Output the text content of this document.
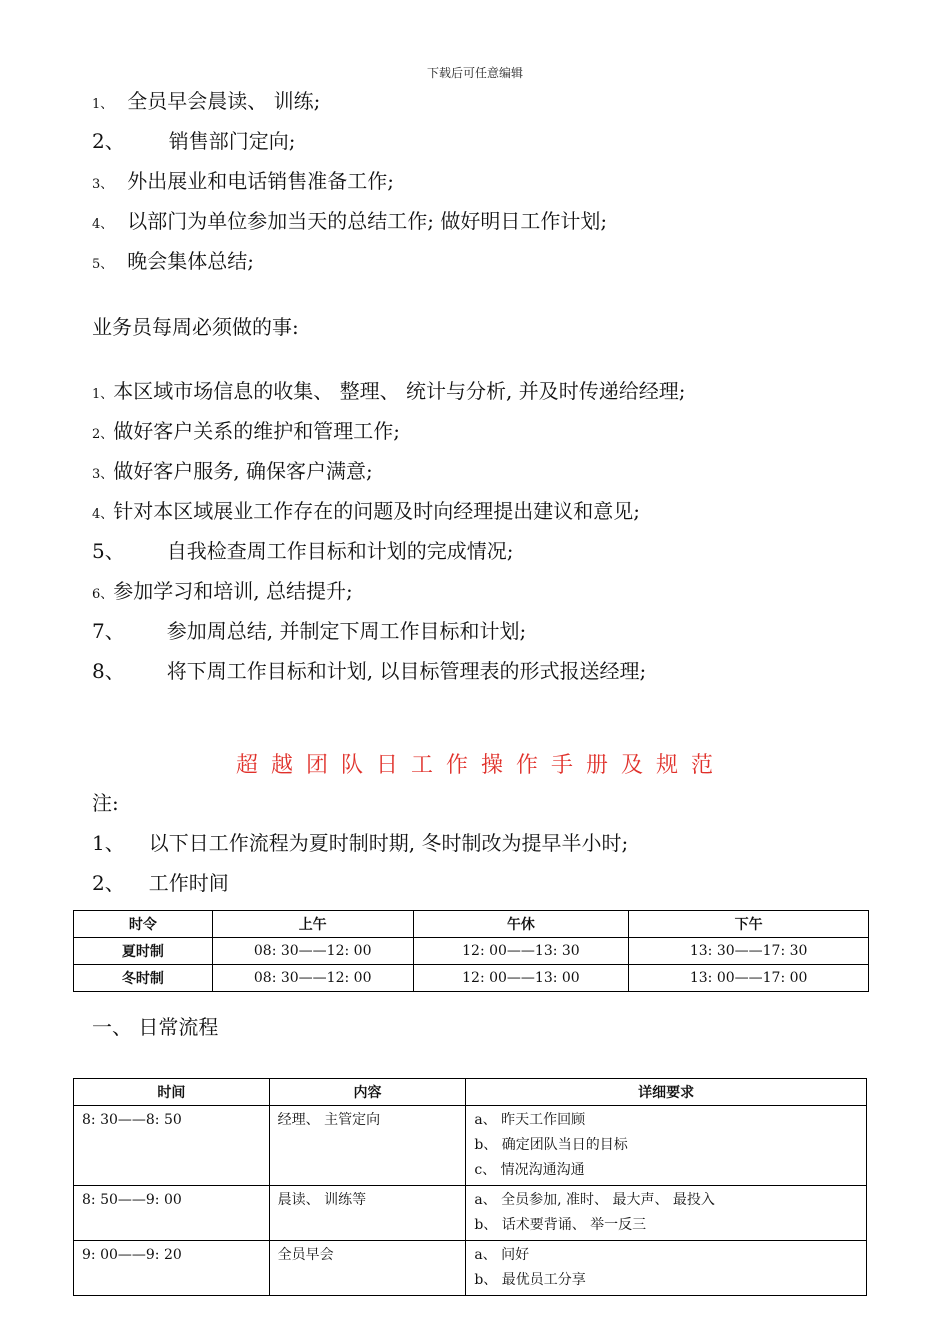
下载后可任意编辑
1、 全员早会晨读、 训练;
2、 销售部门定向;
3、 外出展业和电话销售准备工作;
4、 以部门为单位参加当天的总结工作; 做好明日工作计划;
5、 晚会集体总结;
业务员每周必须做的事:
1、本区域市场信息的收集、 整理、 统计与分析, 并及时传递给经理;
2、做好客户关系的维护和管理工作;
3、做好客户服务, 确保客户满意;
4、针对本区域展业工作存在的问题及时向经理提出建议和意见;
5、 自我检查周工作目标和计划的完成情况;
6、参加学习和培训, 总结提升;
7、 参加周总结, 并制定下周工作目标和计划;
8、 将下周工作目标和计划, 以目标管理表的形式报送经理;
超越团队日工作操作手册及规范
注:
1、 以下日工作流程为夏时制时期, 冬时制改为提早半小时;
2、 工作时间
时令	上午	午休	下午
夏时制	08: 30——12: 00	12: 00——13: 30	13: 30——17: 30
冬时制	08: 30——12: 00	12: 00——13: 00	13: 00——17: 00
一、 日常流程
时间	内容	详细要求
8: 30——8: 50	经理、 主管定向	a、 昨天工作回顾
b、 确定团队当日的目标
c、 情况沟通沟通

8: 50——9: 00	晨读、 训练等	a、 全员参加, 准时、 最大声、 最投入
b、 话术要背诵、 举一反三

9: 00——9: 20	全员早会	a、 问好
b、 最优员工分享
